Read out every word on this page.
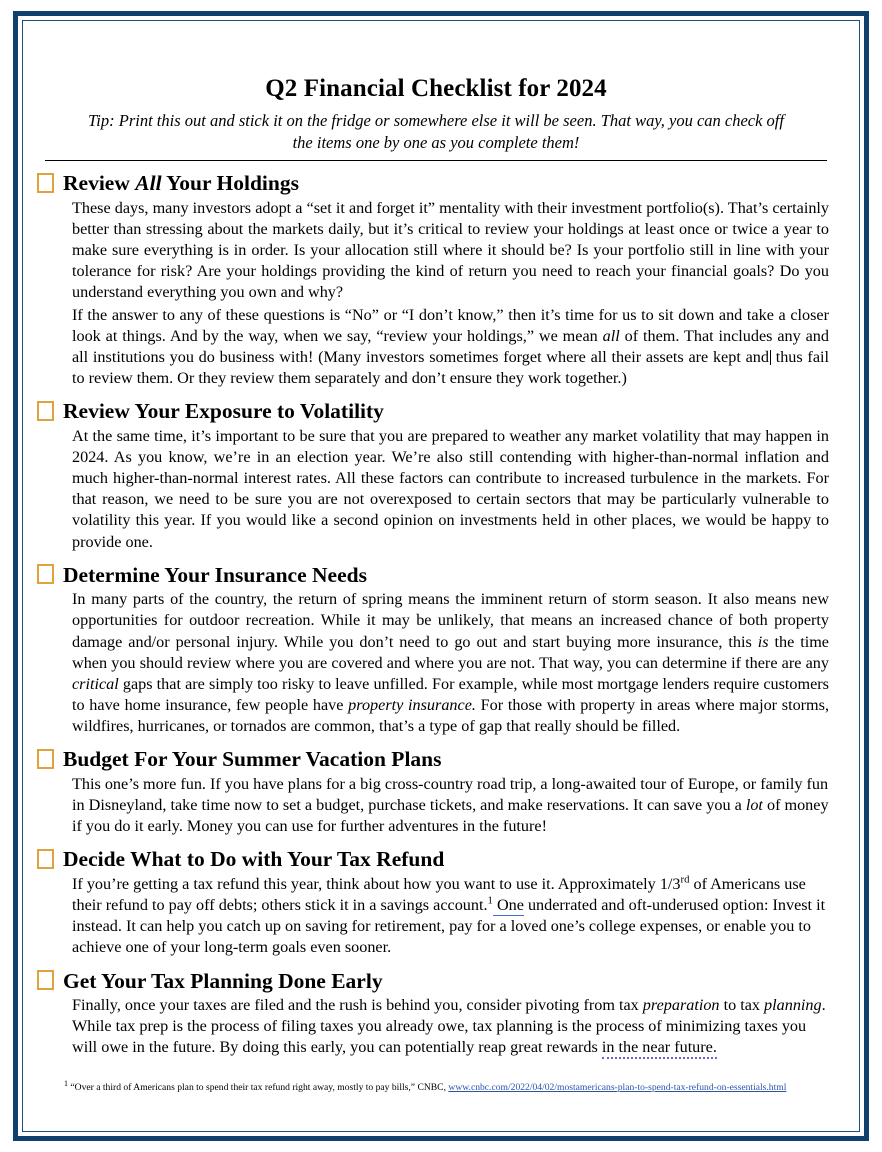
Q2 Financial Checklist for 2024

Tip: Print this out and stick it on the fridge or somewhere else it will be seen. That way, you can check off the items one by one as you complete them!

Review All Your Holdings

These days, many investors adopt a “set it and forget it” mentality with their investment portfolio(s). That’s certainly better than stressing about the markets daily, but it’s critical to review your holdings at least once or twice a year to make sure everything is in order. Is your allocation still where it should be? Is your portfolio still in line with your tolerance for risk? Are your holdings providing the kind of return you need to reach your financial goals? Do you understand everything you own and why?

If the answer to any of these questions is “No” or “I don’t know,” then it’s time for us to sit down and take a closer look at things. And by the way, when we say, “review your holdings,” we mean all of them. That includes any and all institutions you do business with! (Many investors sometimes forget where all their assets are kept and thus fail to review them. Or they review them separately and don’t ensure they work together.)

Review Your Exposure to Volatility

At the same time, it’s important to be sure that you are prepared to weather any market volatility that may happen in 2024. As you know, we’re in an election year. We’re also still contending with higher-than-normal inflation and much higher-than-normal interest rates. All these factors can contribute to increased turbulence in the markets. For that reason, we need to be sure you are not overexposed to certain sectors that may be particularly vulnerable to volatility this year. If you would like a second opinion on investments held in other places, we would be happy to provide one.

Determine Your Insurance Needs

In many parts of the country, the return of spring means the imminent return of storm season. It also means new opportunities for outdoor recreation. While it may be unlikely, that means an increased chance of both property damage and/or personal injury. While you don’t need to go out and start buying more insurance, this is the time when you should review where you are covered and where you are not. That way, you can determine if there are any critical gaps that are simply too risky to leave unfilled. For example, while most mortgage lenders require customers to have home insurance, few people have property insurance. For those with property in areas where major storms, wildfires, hurricanes, or tornados are common, that’s a type of gap that really should be filled.

Budget For Your Summer Vacation Plans

This one’s more fun. If you have plans for a big cross-country road trip, a long-awaited tour of Europe, or family fun in Disneyland, take time now to set a budget, purchase tickets, and make reservations. It can save you a lot of money if you do it early. Money you can use for further adventures in the future!

Decide What to Do with Your Tax Refund

If you’re getting a tax refund this year, think about how you want to use it. Approximately 1/3rd of Americans use their refund to pay off debts; others stick it in a savings account.$^1$ One underrated and oft-underused option: Invest it instead. It can help you catch up on saving for retirement, pay for a loved one’s college expenses, or enable you to achieve one of your long-term goals even sooner.

Get Your Tax Planning Done Early

Finally, once your taxes are filed and the rush is behind you, consider pivoting from tax preparation to tax planning. While tax prep is the process of filing taxes you already owe, tax planning is the process of minimizing taxes you will owe in the future. By doing this early, you can potentially reap great rewards in the near future.

$^1$ “Over a third of Americans plan to spend their tax refund right away, mostly to pay bills,” CNBC, www.cnbc.com/2022/04/02/mostamericans-plan-to-spend-tax-refund-on-essentials.html
